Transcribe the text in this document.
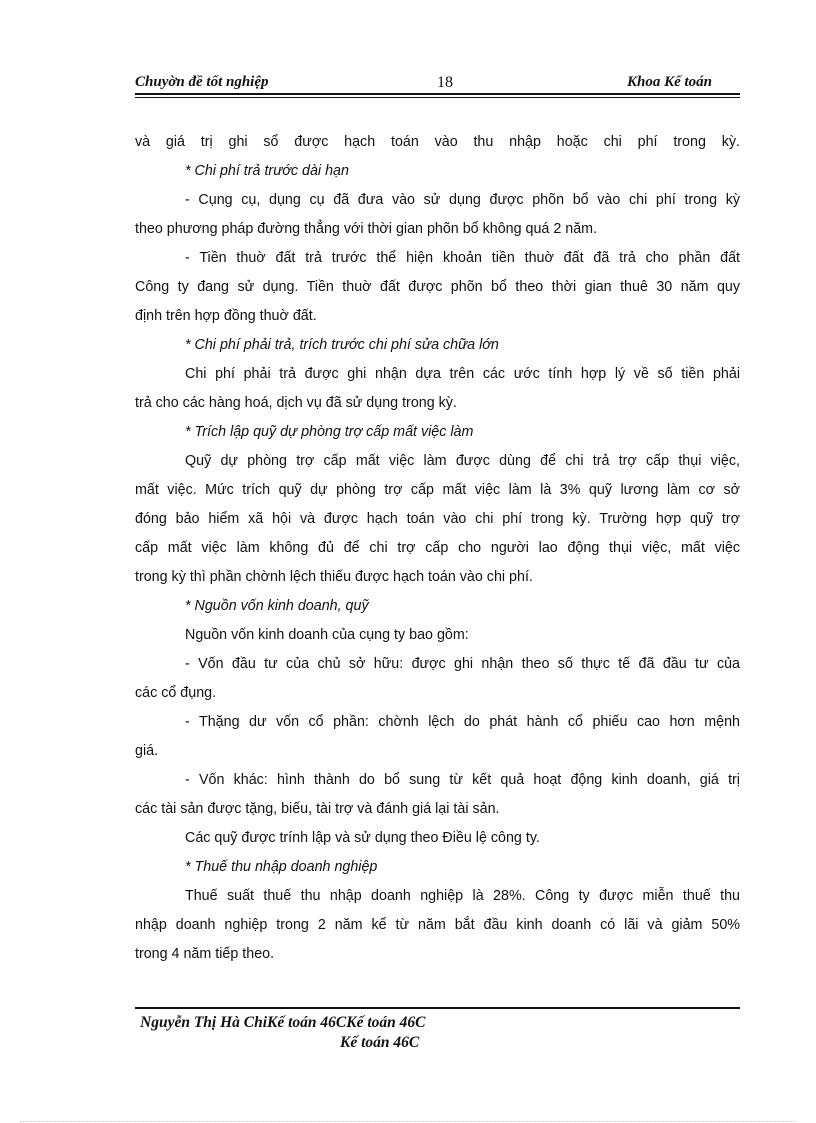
Chuyờn đề tốt nghiệp	18	Khoa Kế toán
và giá trị ghi sổ được hạch toán vào thu nhập hoặc chi phí trong kỳ.
* Chi phí trả trước dài hạn
- Cụng cụ, dụng cụ đã đưa vào sử dụng được phõn bổ vào chi phí trong kỳ
theo phương pháp đường thẳng với thời gian phõn bổ không quá 2 năm.
- Tiền thuờ đất trả trước thể hiện khoản tiền thuờ đất đã trả cho phần đất
Công ty đang sử dụng. Tiền thuờ đất được phõn bổ theo thời gian thuê 30 năm quy
định trên hợp đồng thuờ đất.
* Chi phí phải trả, trích trước chi phí sửa chữa lớn
Chi phí phải trả được ghi nhận dựa trên các ước tính hợp lý về số tiền phải
trả cho các hàng hoá, dịch vụ đã sử dụng trong kỳ.
* Trích lập quỹ dự phòng trợ cấp mất việc làm
Quỹ dự phòng trợ cấp mất việc làm được dùng để chi trả trợ cấp thụi việc,
mất việc. Mức trích quỹ dự phòng trợ cấp mất việc làm là 3% quỹ lương làm cơ sở
đóng bảo hiểm xã hội và được hạch toán vào chi phí trong kỳ. Trường hợp quỹ trợ
cấp mất việc làm không đủ để chi trợ cấp cho người lao động thụi việc, mất việc
trong kỳ thì phần chờnh lệch thiếu được hạch toán vào chi phí.
* Nguồn vốn kinh doanh, quỹ
Nguồn vốn kinh doanh của cụng ty bao gồm:
- Vốn đầu tư của chủ sở hữu: được ghi nhận theo số thực tế đã đầu tư của
các cổ đụng.
- Thặng dư vốn cổ phần: chờnh lệch do phát hành cổ phiếu cao hơn mệnh
giá.
- Vốn khác: hình thành do bổ sung từ kết quả hoạt động kinh doanh, giá trị
các tài sản được tặng, biếu, tài trợ và đánh giá lại tài sản.
Các quỹ được trính lập và sử dụng theo Điều lệ công ty.
* Thuế thu nhập doanh nghiệp
Thuế suất thuế thu nhập doanh nghiệp là 28%. Công ty được miễn thuế thu
nhập doanh nghiệp trong 2 năm kể từ năm bắt đầu kinh doanh có lãi và giảm 50%
trong 4 năm tiếp theo.
Nguyễn Thị Hà ChiKế toán 46CKế toán 46C
Kế toán 46C
